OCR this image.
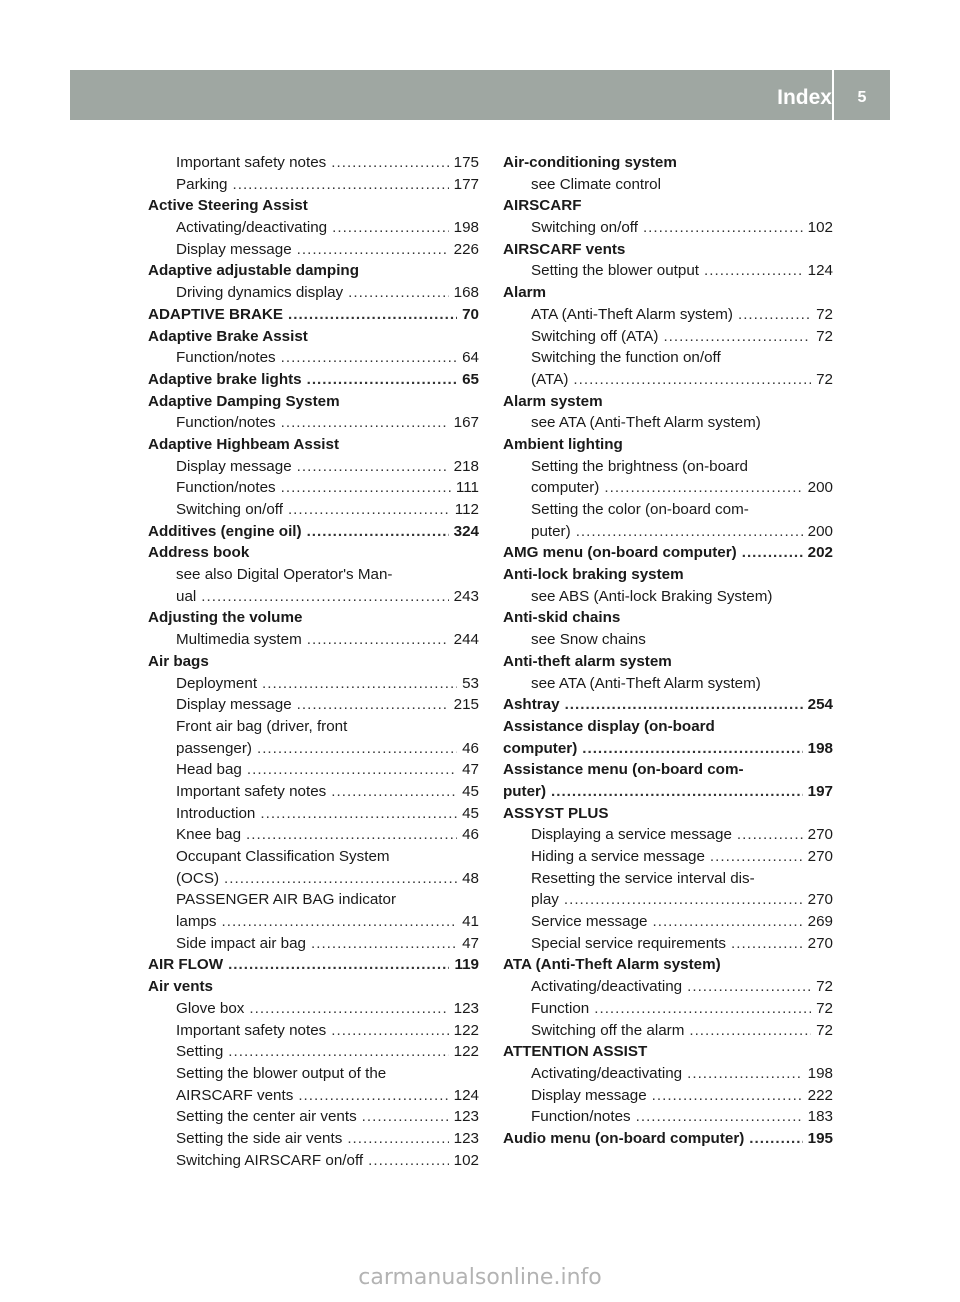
Index	5
Important safety notes .....	175
Parking .....	177
Active Steering Assist
Activating/deactivating .....	198
Display message .....	226
Adaptive adjustable damping
Driving dynamics display .....	168
ADAPTIVE BRAKE .....	70
Adaptive Brake Assist
Function/notes .....	64
Adaptive brake lights .....	65
Adaptive Damping System
Function/notes .....	167
Adaptive Highbeam Assist
Display message .....	218
Function/notes .....	111
Switching on/off .....	112
Additives (engine oil) .....	324
Address book
see also Digital Operator's Man-
ual .....	243
Adjusting the volume
Multimedia system .....	244
Air bags
Deployment .....	53
Display message .....	215
Front air bag (driver, front
passenger) .....	46
Head bag .....	47
Important safety notes .....	45
Introduction .....	45
Knee bag .....	46
Occupant Classification System
(OCS) .....	48
PASSENGER AIR BAG indicator
lamps .....	41
Side impact air bag .....	47
AIR FLOW .....	119
Air vents
Glove box .....	123
Important safety notes .....	122
Setting .....	122
Setting the blower output of the
AIRSCARF vents .....	124
Setting the center air vents .....	123
Setting the side air vents .....	123
Switching AIRSCARF on/off .....	102
Air-conditioning system
see Climate control
AIRSCARF
Switching on/off .....	102
AIRSCARF vents
Setting the blower output .....	124
Alarm
ATA (Anti-Theft Alarm system) .....	72
Switching off (ATA) .....	72
Switching the function on/off
(ATA) .....	72
Alarm system
see ATA (Anti-Theft Alarm system)
Ambient lighting
Setting the brightness (on-board
computer) .....	200
Setting the color (on-board com-
puter) .....	200
AMG menu (on-board computer) .....	202
Anti-lock braking system
see ABS (Anti-lock Braking System)
Anti-skid chains
see Snow chains
Anti-theft alarm system
see ATA (Anti-Theft Alarm system)
Ashtray .....	254
Assistance display (on-board
computer) .....	198
Assistance menu (on-board com-
puter) .....	197
ASSYST PLUS
Displaying a service message .....	270
Hiding a service message .....	270
Resetting the service interval dis-
play .....	270
Service message .....	269
Special service requirements .....	270
ATA (Anti-Theft Alarm system)
Activating/deactivating .....	72
Function .....	72
Switching off the alarm .....	72
ATTENTION ASSIST
Activating/deactivating .....	198
Display message .....	222
Function/notes .....	183
Audio menu (on-board computer) .....	195
carmanualsonline.info
